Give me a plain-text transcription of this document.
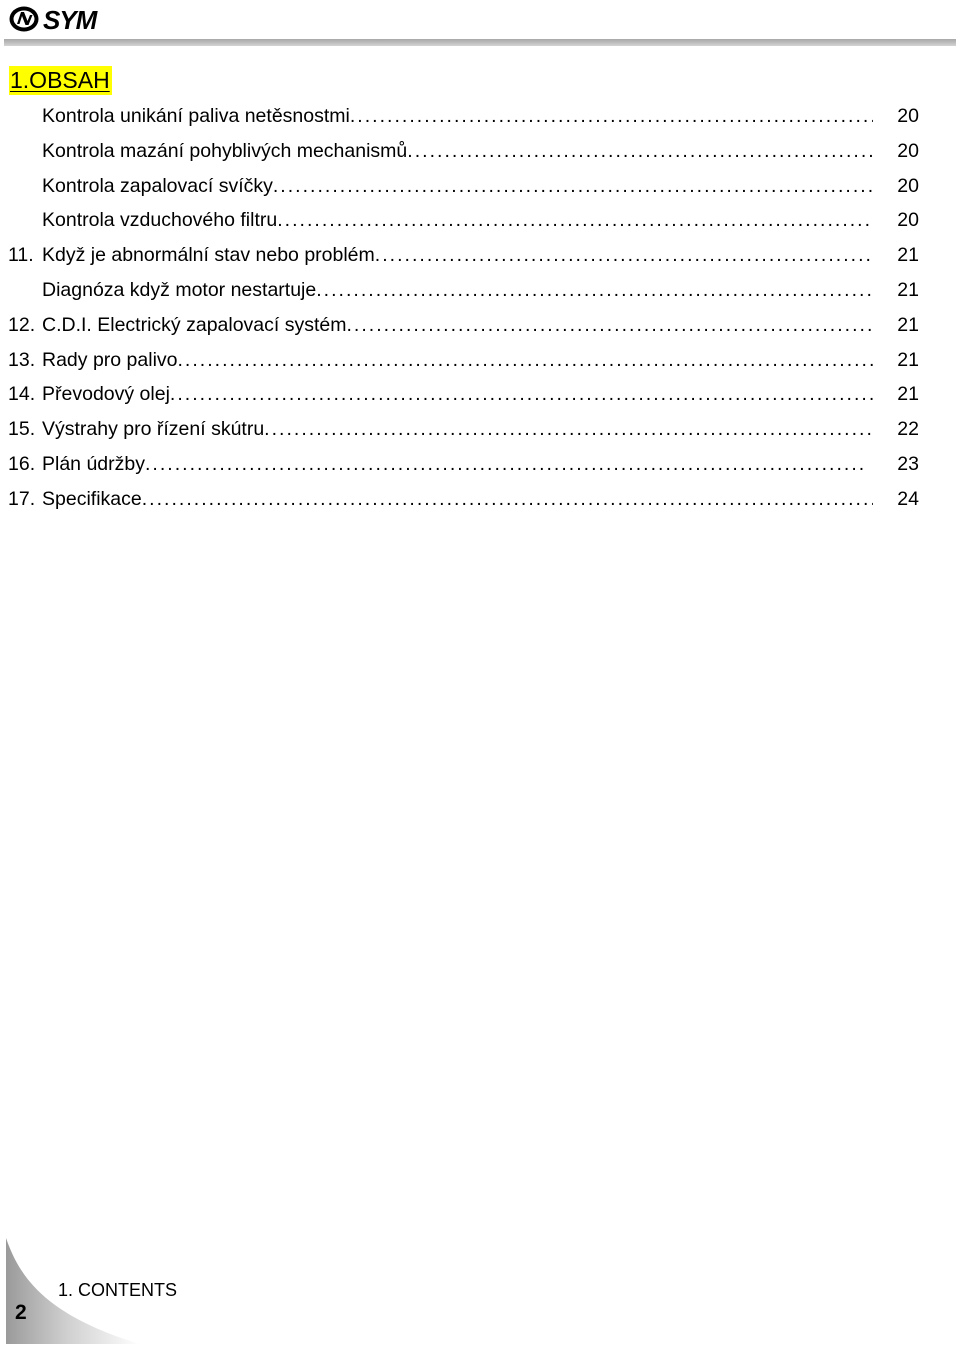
SYM
1.OBSAH
Kontrola unikání paliva netěsnostmi . . .	20
Kontrola mazání pohyblivých mechanismů . . .	20
Kontrola zapalovací svíčky . . .	20
Kontrola vzduchového filtru . . .	20
11. Když je abnormální stav nebo problém . . .	21
Diagnóza když motor nestartuje . . .	21
12. C.D.I. Electrický zapalovací systém . . .	21
13. Rady pro palivo . . .	21
14. Převodový olej . . .	21
15. Výstrahy pro řízení skútru . . .	22
16. Plán údržby . . .	23
17. Specifikace . . .	24
2
1. CONTENTS
